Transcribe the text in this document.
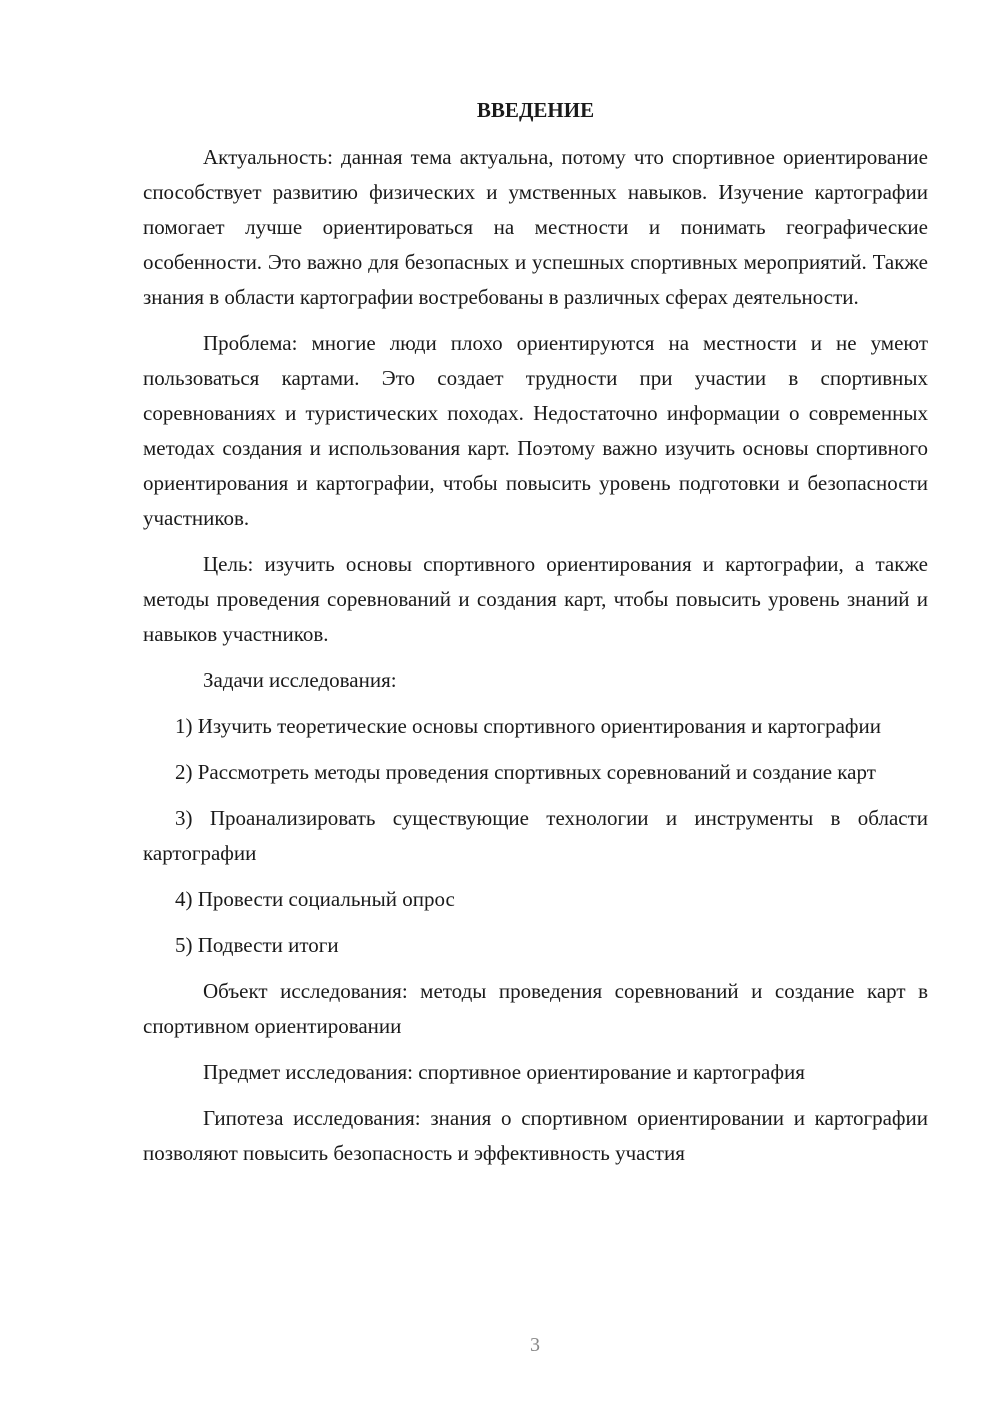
ВВЕДЕНИЕ

Актуальность: данная тема актуальна, потому что спортивное ориентирование способствует развитию физических и умственных навыков. Изучение картографии помогает лучше ориентироваться на местности и понимать географические особенности. Это важно для безопасных и успешных спортивных мероприятий. Также знания в области картографии востребованы в различных сферах деятельности.

Проблема: многие люди плохо ориентируются на местности и не умеют пользоваться картами. Это создает трудности при участии в спортивных соревнованиях и туристических походах. Недостаточно информации о современных методах создания и использования карт. Поэтому важно изучить основы спортивного ориентирования и картографии, чтобы повысить уровень подготовки и безопасности участников.

Цель: изучить основы спортивного ориентирования и картографии, а также методы проведения соревнований и создания карт, чтобы повысить уровень знаний и навыков участников.

Задачи исследования:

1) Изучить теоретические основы спортивного ориентирования и картографии

2) Рассмотреть методы проведения спортивных соревнований и создание карт

3) Проанализировать существующие технологии и инструменты в области картографии

4) Провести социальный опрос

5) Подвести итоги

Объект исследования: методы проведения соревнований и создание карт в спортивном ориентировании

Предмет исследования: спортивное ориентирование и картография

Гипотеза исследования: знания о спортивном ориентировании и картографии позволяют повысить безопасность и эффективность участия

3
